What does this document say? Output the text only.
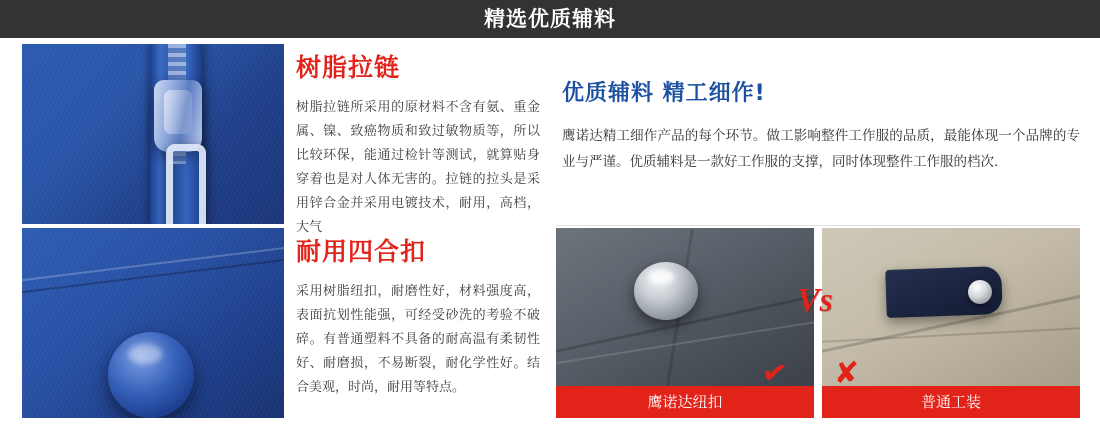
精选优质辅料
树脂拉链
树脂拉链所采用的原材料不含有氨、重金属、镍、致癌物质和致过敏物质等，所以比较环保，能通过检针等测试，就算贴身穿着也是对人体无害的。拉链的拉头是采用锌合金并采用电镀技术，耐用，高档，大气
优质辅料 精工细作!
鹰诺达精工细作产品的每个环节。做工影响整件工作服的品质，最能体现一个品牌的专业与严谨。优质辅料是一款好工作服的支撑，同时体现整件工作服的档次.
耐用四合扣
采用树脂纽扣，耐磨性好，材料强度高，表面抗划性能强，可经受砂洗的考验不破碎。有普通塑料不具备的耐高温有柔韧性好、耐磨损，不易断裂，耐化学性好。结合美观，时尚，耐用等特点。
鹰诺达纽扣	普通工装
Vs
✔ ✘
